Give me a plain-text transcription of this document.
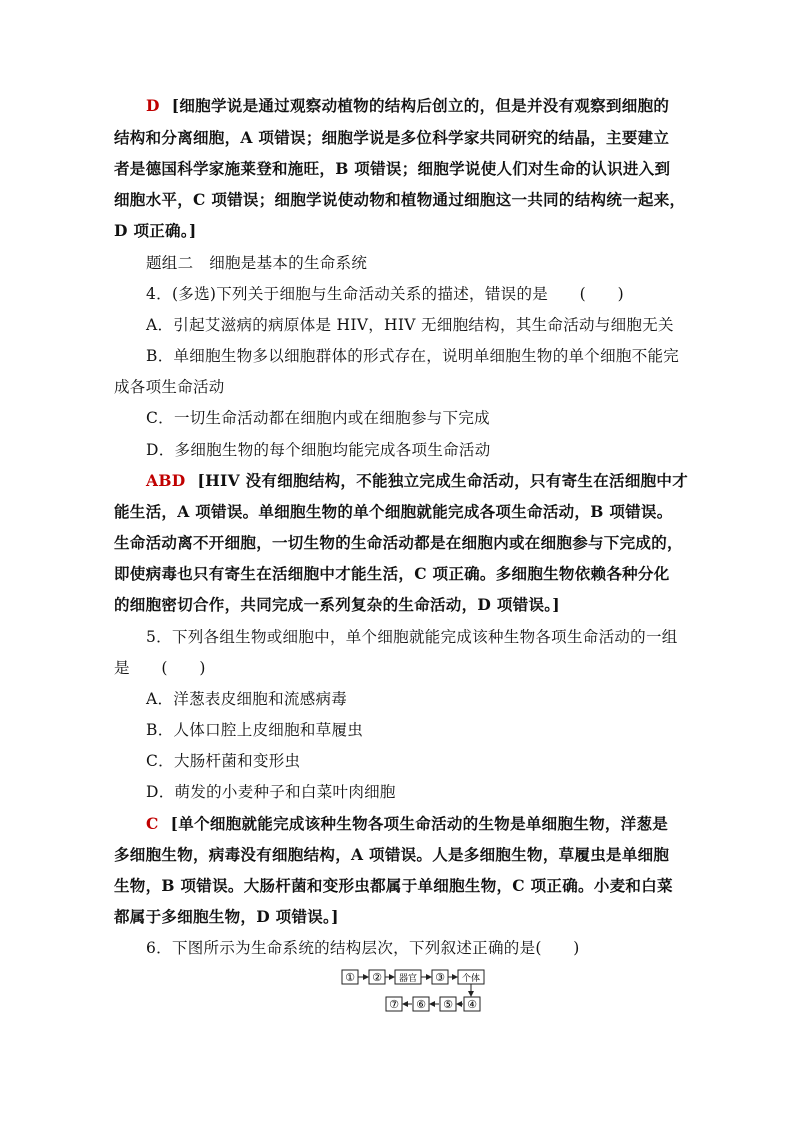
D [细胞学说是通过观察动植物的结构后创立的，但是并没有观察到细胞的
结构和分离细胞，A 项错误；细胞学说是多位科学家共同研究的结晶，主要建立
者是德国科学家施莱登和施旺，B 项错误；细胞学说使人们对生命的认识进入到
细胞水平，C 项错误；细胞学说使动物和植物通过细胞这一共同的结构统一起来，
D 项正确。]
题组二　细胞是基本的生命系统
4．(多选)下列关于细胞与生命活动关系的描述，错误的是　　(　　)
A．引起艾滋病的病原体是 HIV，HIV 无细胞结构，其生命活动与细胞无关
B．单细胞生物多以细胞群体的形式存在，说明单细胞生物的单个细胞不能完
成各项生命活动
C．一切生命活动都在细胞内或在细胞参与下完成
D．多细胞生物的每个细胞均能完成各项生命活动
ABD [HIV 没有细胞结构，不能独立完成生命活动，只有寄生在活细胞中才
能生活，A 项错误。单细胞生物的单个细胞就能完成各项生命活动，B 项错误。
生命活动离不开细胞，一切生物的生命活动都是在细胞内或在细胞参与下完成的，
即使病毒也只有寄生在活细胞中才能生活，C 项正确。多细胞生物依赖各种分化
的细胞密切合作，共同完成一系列复杂的生命活动，D 项错误。]
5．下列各组生物或细胞中，单个细胞就能完成该种生物各项生命活动的一组
是　　(　　)
A．洋葱表皮细胞和流感病毒
B．人体口腔上皮细胞和草履虫
C．大肠杆菌和变形虫
D．萌发的小麦种子和白菜叶肉细胞
C [单个细胞就能完成该种生物各项生命活动的生物是单细胞生物，洋葱是
多细胞生物，病毒没有细胞结构，A 项错误。人是多细胞生物，草履虫是单细胞
生物，B 项错误。大肠杆菌和变形虫都属于单细胞生物，C 项正确。小麦和白菜
都属于多细胞生物，D 项错误。]
6．下图所示为生命系统的结构层次，下列叙述正确的是(　　)
① ② 器官 ③ 个体
⑦ ⑥ ⑤ ④
